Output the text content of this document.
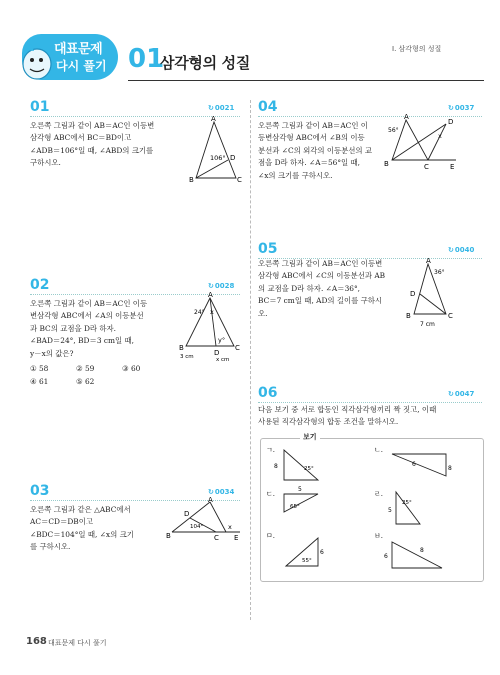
대표문제
다시 풀기 01
삼각형의 성질
I. 삼각형의 성질
01	↻0021
오른쪽 그림과 같이 AB＝AC인 이등변
삼각형 ABC에서 BC＝BD이고
∠ADB＝106°일 때, ∠ABD의 크기를
구하시오.
A
B	C
D
106°
02	↻0028
오른쪽 그림과 같이 AB＝AC인 이등
변삼각형 ABC에서 ∠A의 이등분선
과 BC의 교점을 D라 하자.
∠BAD＝24°, BD＝3 cm일 때,
y－x의 값은?
① 58	② 59	③ 60
④ 61	⑤ 62
A
B	C
D
24° x
y°
3 cm	x cm
03	↻0034
오른쪽 그림과 같은 △ABC에서
AC＝CD＝DB이고
∠BDC＝104°일 때, ∠x의 크기
를 구하시오.
A
B	C
D
E
104°	x
04	↻0037
오른쪽 그림과 같이 AB＝AC인 이
등변삼각형 ABC에서 ∠B의 이등
분선과 ∠C의 외각의 이등분선의 교
점을 D라 하자. ∠A＝56°일 때,
∠x의 크기를 구하시오.
A
B	C
D
E
56°
x
05	↻0040
오른쪽 그림과 같이 AB＝AC인 이등변
삼각형 ABC에서 ∠C의 이등분선과 AB
의 교점을 D라 하자. ∠A＝36°,
BC＝7 cm일 때, AD의 길이를 구하시
오.
A
B	C
D
36°
7 cm
06	↻0047
다음 보기 중 서로 합동인 직각삼각형끼리 짝 짓고, 이때
사용된 직각삼각형의 합동 조건을 말하시오.
보기
ㄱ.
8	25°
ㄴ.
6
8
ㄷ.
5
65°
ㄹ.
5
25°
ㅁ.
6
55°
ㅂ.
6
8
168 대표문제 다시 풀기
